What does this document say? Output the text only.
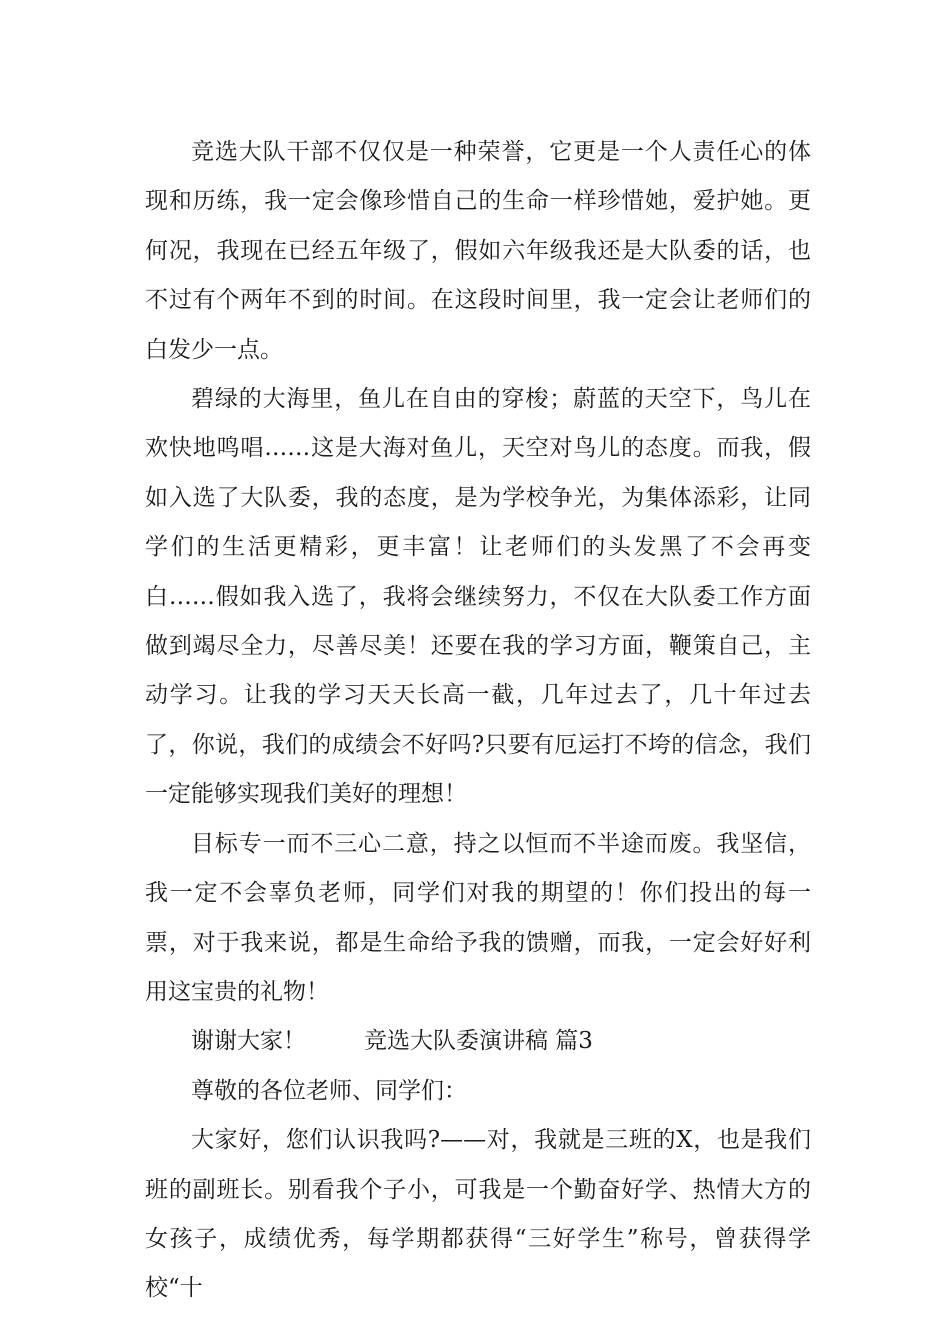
竞选大队干部不仅仅是一种荣誉，它更是一个人责任心的体现和历练，我一定会像珍惜自己的生命一样珍惜她，爱护她。更何况，我现在已经五年级了，假如六年级我还是大队委的话，也不过有个两年不到的时间。在这段时间里，我一定会让老师们的白发少一点。

碧绿的大海里，鱼儿在自由的穿梭；蔚蓝的天空下，鸟儿在欢快地鸣唱……这是大海对鱼儿，天空对鸟儿的态度。而我，假如入选了大队委，我的态度，是为学校争光，为集体添彩，让同学们的生活更精彩，更丰富！让老师们的头发黑了不会再变白……假如我入选了，我将会继续努力，不仅在大队委工作方面做到竭尽全力，尽善尽美！还要在我的学习方面，鞭策自己，主动学习。让我的学习天天长高一截，几年过去了，几十年过去了，你说，我们的成绩会不好吗?只要有厄运打不垮的信念，我们一定能够实现我们美好的理想！

目标专一而不三心二意，持之以恒而不半途而废。我坚信，我一定不会辜负老师，同学们对我的期望的！你们投出的每一票，对于我来说，都是生命给予我的馈赠，而我，一定会好好利用这宝贵的礼物！

谢谢大家！	竞选大队委演讲稿 篇3

尊敬的各位老师、同学们：

大家好，您们认识我吗?——对，我就是三班的X，也是我们班的副班长。别看我个子小，可我是一个勤奋好学、热情大方的女孩子，成绩优秀，每学期都获得“三好学生”称号，曾获得学校“十
